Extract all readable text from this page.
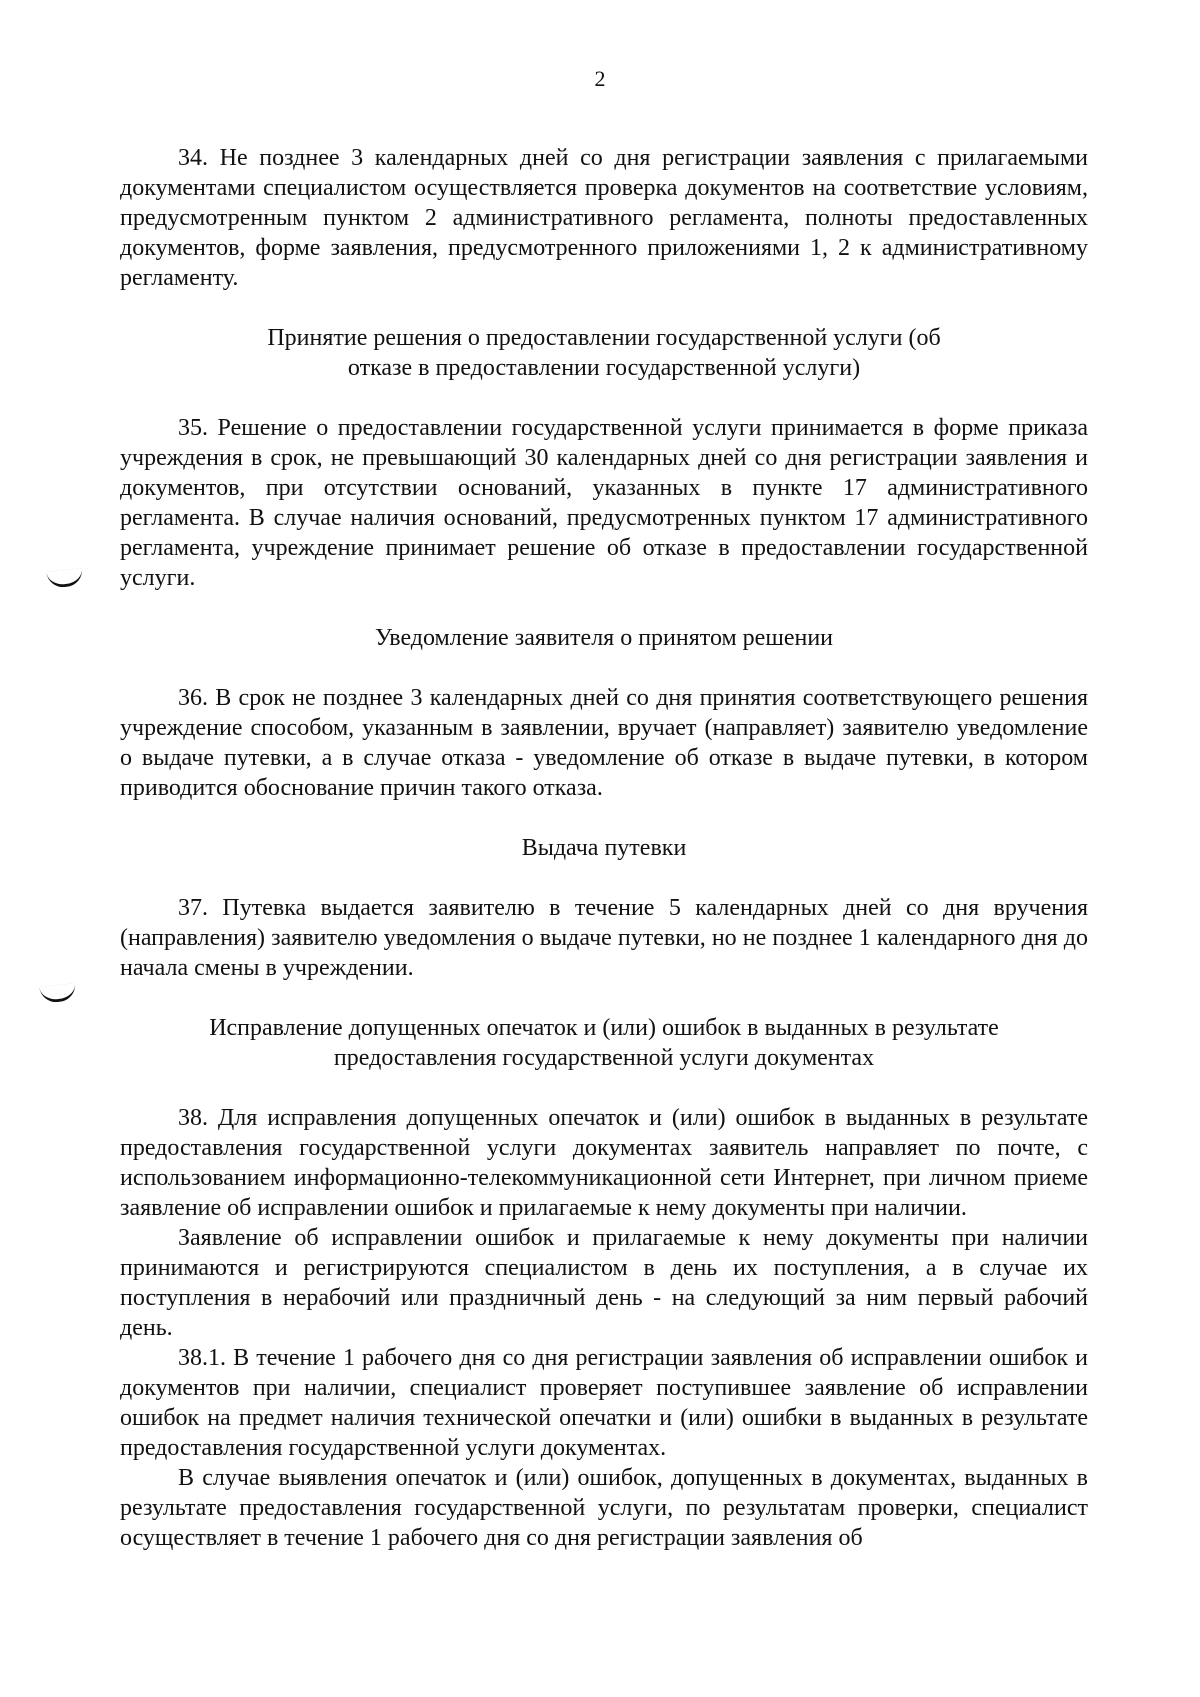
2

34. Не позднее 3 календарных дней со дня регистрации заявления с прилагаемыми документами специалистом осуществляется проверка документов на соответствие условиям, предусмотренным пунктом 2 административного регламента, полноты предоставленных документов, форме заявления, предусмотренного приложениями 1, 2 к административному регламенту.

Принятие решения о предоставлении государственной услуги (об отказе в предоставлении государственной услуги)

35. Решение о предоставлении государственной услуги принимается в форме приказа учреждения в срок, не превышающий 30 календарных дней со дня регистрации заявления и документов, при отсутствии оснований, указанных в пункте 17 административного регламента. В случае наличия оснований, предусмотренных пунктом 17 административного регламента, учреждение принимает решение об отказе в предоставлении государственной услуги.

Уведомление заявителя о принятом решении

36. В срок не позднее 3 календарных дней со дня принятия соответствующего решения учреждение способом, указанным в заявлении, вручает (направляет) заявителю уведомление о выдаче путевки, а в случае отказа - уведомление об отказе в выдаче путевки, в котором приводится обоснование причин такого отказа.

Выдача путевки

37. Путевка выдается заявителю в течение 5 календарных дней со дня вручения (направления) заявителю уведомления о выдаче путевки, но не позднее 1 календарного дня до начала смены в учреждении.

Исправление допущенных опечаток и (или) ошибок в выданных в результате предоставления государственной услуги документах

38. Для исправления допущенных опечаток и (или) ошибок в выданных в результате предоставления государственной услуги документах заявитель направляет по почте, с использованием информационно-телекоммуникационной сети Интернет, при личном приеме заявление об исправлении ошибок и прилагаемые к нему документы при наличии.

Заявление об исправлении ошибок и прилагаемые к нему документы при наличии принимаются и регистрируются специалистом в день их поступления, а в случае их поступления в нерабочий или праздничный день - на следующий за ним первый рабочий день.

38.1. В течение 1 рабочего дня со дня регистрации заявления об исправлении ошибок и документов при наличии, специалист проверяет поступившее заявление об исправлении ошибок на предмет наличия технической опечатки и (или) ошибки в выданных в результате предоставления государственной услуги документах.

В случае выявления опечаток и (или) ошибок, допущенных в документах, выданных в результате предоставления государственной услуги, по результатам проверки, специалист осуществляет в течение 1 рабочего дня со дня регистрации заявления об
